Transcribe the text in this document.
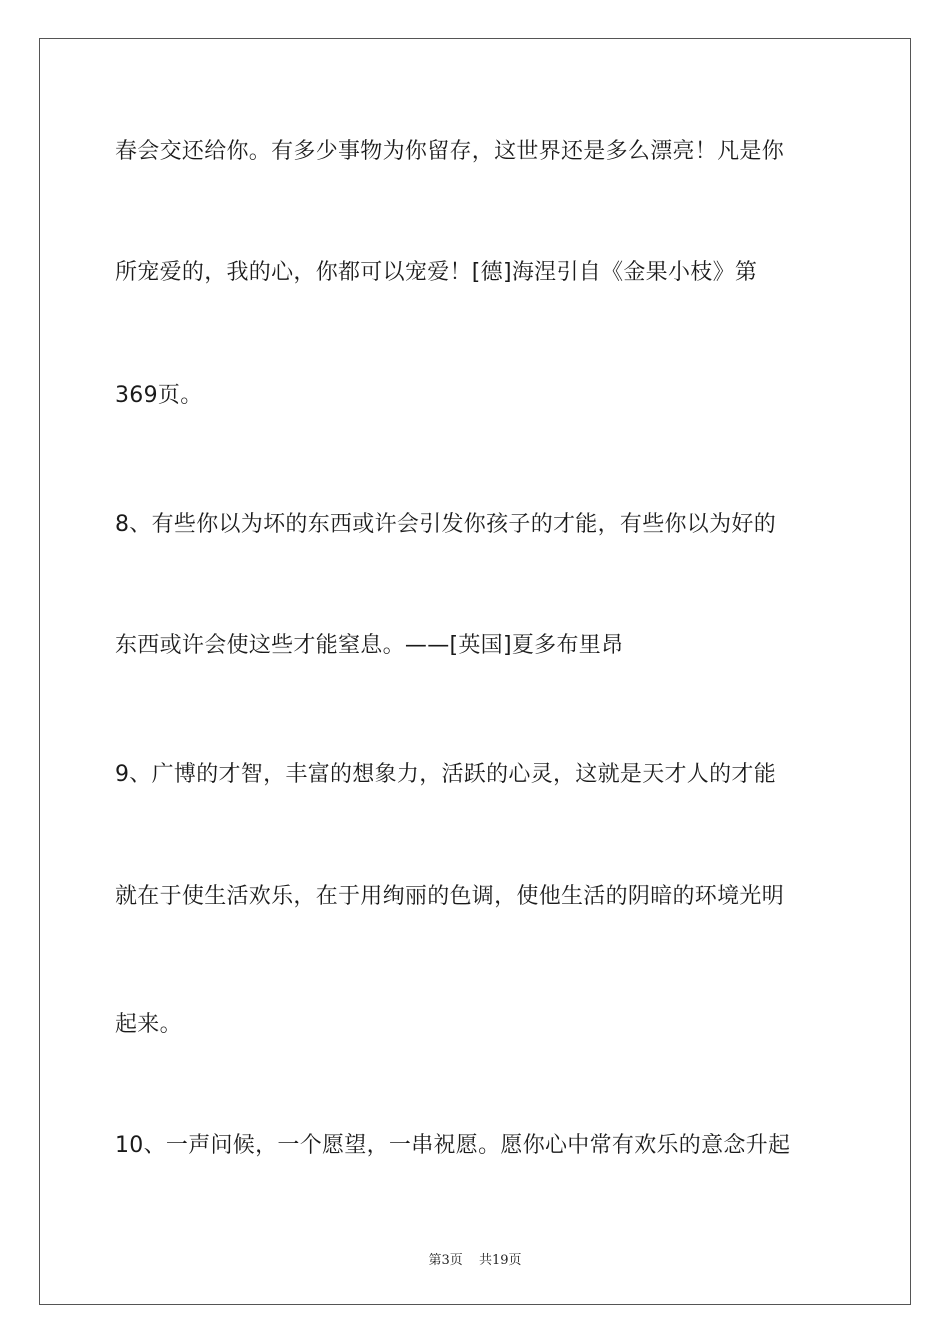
春会交还给你。有多少事物为你留存，这世界还是多么漂亮！凡是你
所宠爱的，我的心，你都可以宠爱！[德]海涅引自《金果小枝》第
369页。
8、有些你以为坏的东西或许会引发你孩子的才能，有些你以为好的
东西或许会使这些才能窒息。——[英国]夏多布里昂
9、广博的才智，丰富的想象力，活跃的心灵，这就是天才人的才能
就在于使生活欢乐，在于用绚丽的色调，使他生活的阴暗的环境光明
起来。
10、一声问候，一个愿望，一串祝愿。愿你心中常有欢乐的意念升起
第3页 共19页
